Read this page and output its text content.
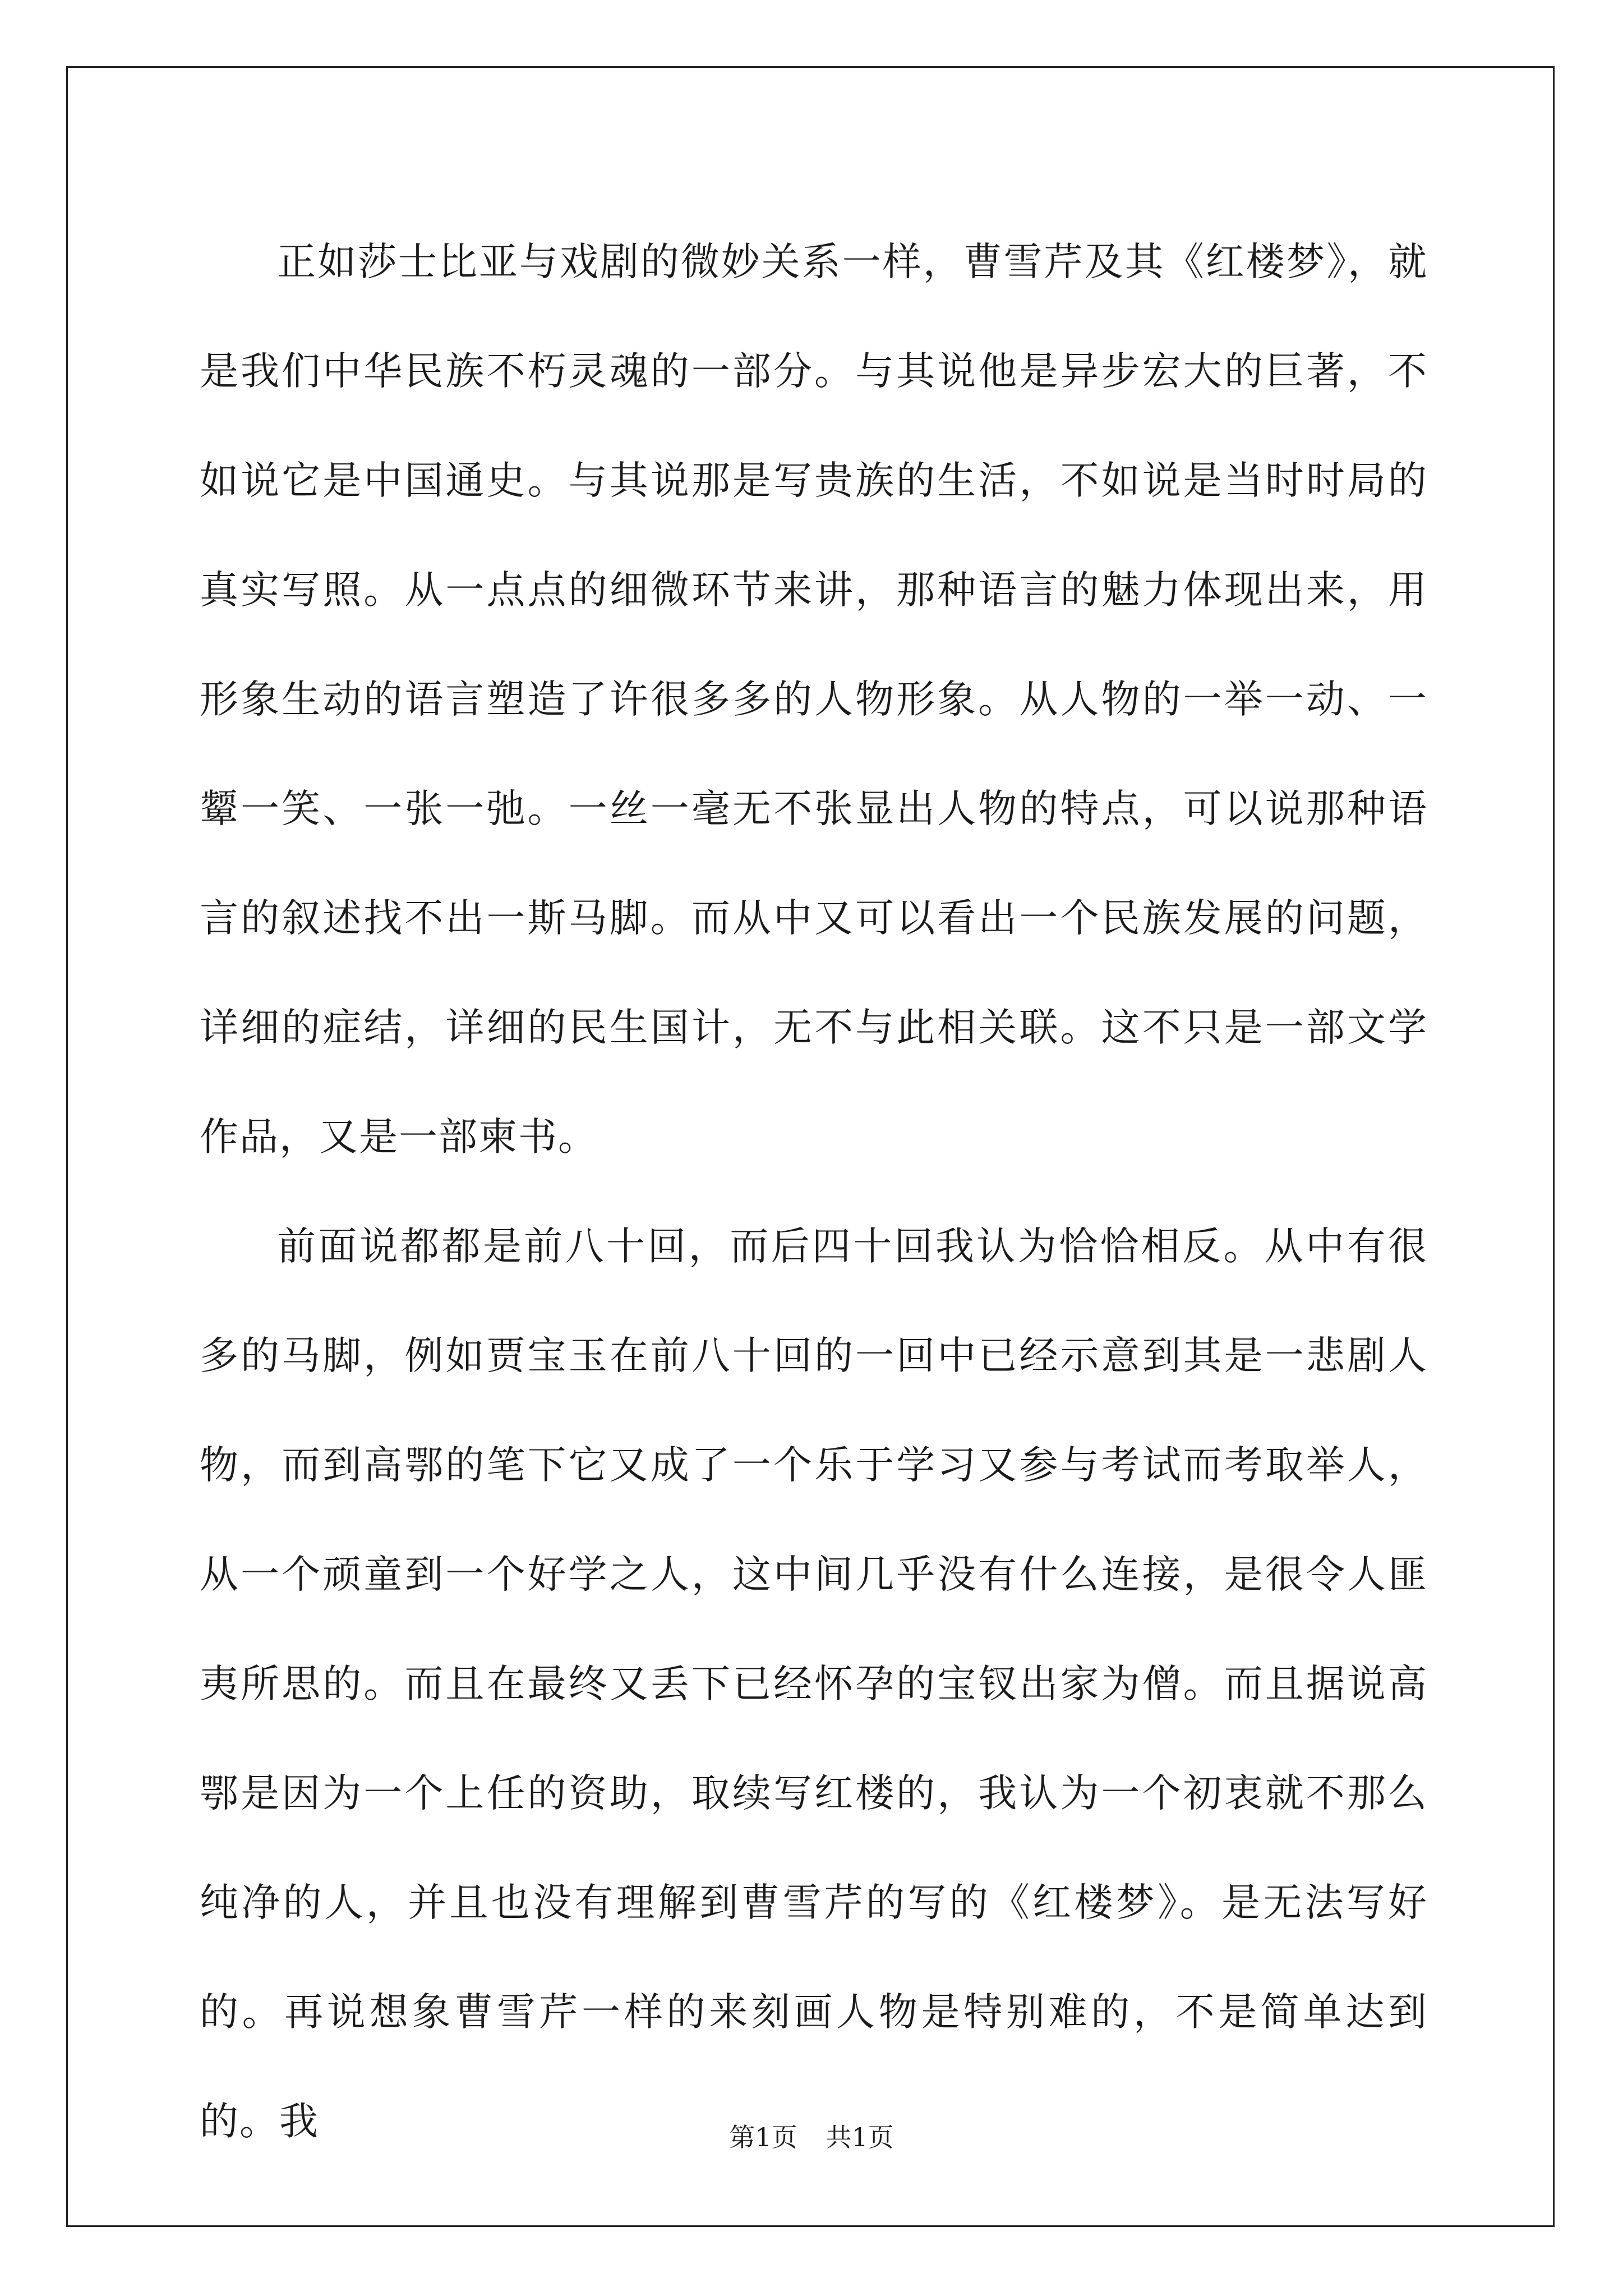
正如莎士比亚与戏剧的微妙关系一样，曹雪芹及其《红楼梦》，就是我们中华民族不朽灵魂的一部分。与其说他是异步宏大的巨著，不如说它是中国通史。与其说那是写贵族的生活，不如说是当时时局的真实写照。从一点点的细微环节来讲，那种语言的魅力体现出来，用形象生动的语言塑造了许很多多的人物形象。从人物的一举一动、一颦一笑、一张一弛。一丝一毫无不张显出人物的特点，可以说那种语言的叙述找不出一斯马脚。而从中又可以看出一个民族发展的问题，详细的症结，详细的民生国计，无不与此相关联。这不只是一部文学作品，又是一部柬书。

前面说都都是前八十回，而后四十回我认为恰恰相反。从中有很多的马脚，例如贾宝玉在前八十回的一回中已经示意到其是一悲剧人物，而到高鄂的笔下它又成了一个乐于学习又参与考试而考取举人，从一个顽童到一个好学之人，这中间几乎没有什么连接，是很令人匪夷所思的。而且在最终又丢下已经怀孕的宝钗出家为僧。而且据说高鄂是因为一个上任的资助，取续写红楼的，我认为一个初衷就不那么纯净的人，并且也没有理解到曹雪芹的写的《红楼梦》。是无法写好的。再说想象曹雪芹一样的来刻画人物是特别难的，不是简单达到的。我	第1页 共1页
